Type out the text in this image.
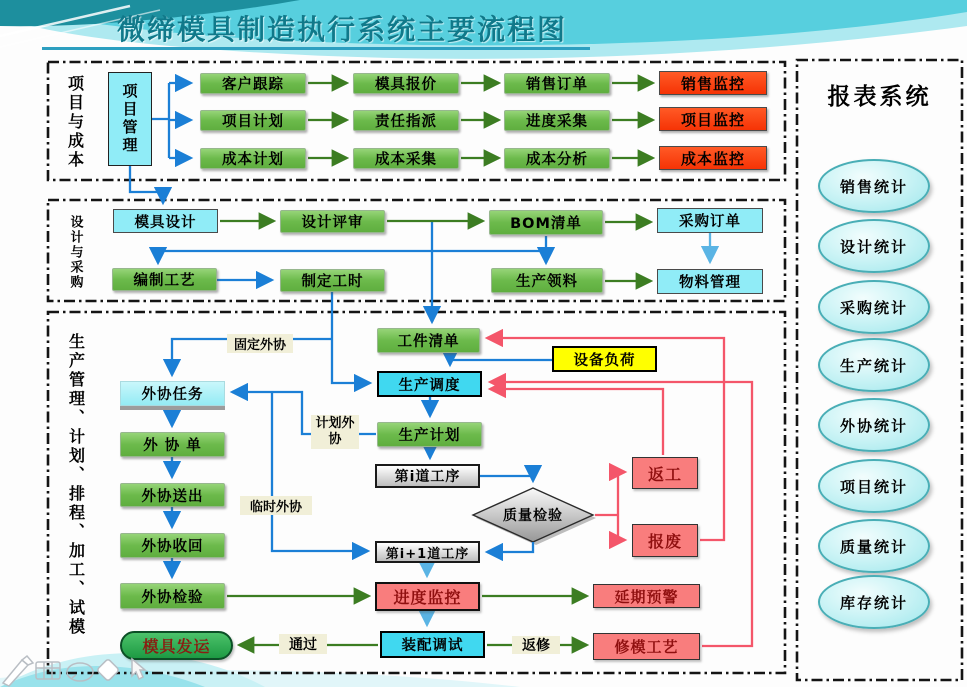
微缔模具制造执行系统主要流程图
报表系统
项目与成本
设计与采购
生产管理、计划、排程、加工、试模
项目管理	客户跟踪	模具报价	销售订单	销售监控
项目计划	责任指派	进度采集	项目监控
成本计划	成本采集	成本分析	成本监控
模具设计	设计评审	BOM清单	采购订单
编制工艺	制定工时	生产领料	物料管理
固定外协	工件清单
设备负荷
生产调度
外协任务
计划外协	生产计划
外 协 单
第i道工序
外协送出
临时外协
质量检验
返工
报废
外协收回	第i+1道工序
外协检验	进度监控	延期预警
模具发运	通过	装配调试	返修	修模工艺
销售统计
设计统计
采购统计
生产统计
外协统计
项目统计
质量统计
库存统计
